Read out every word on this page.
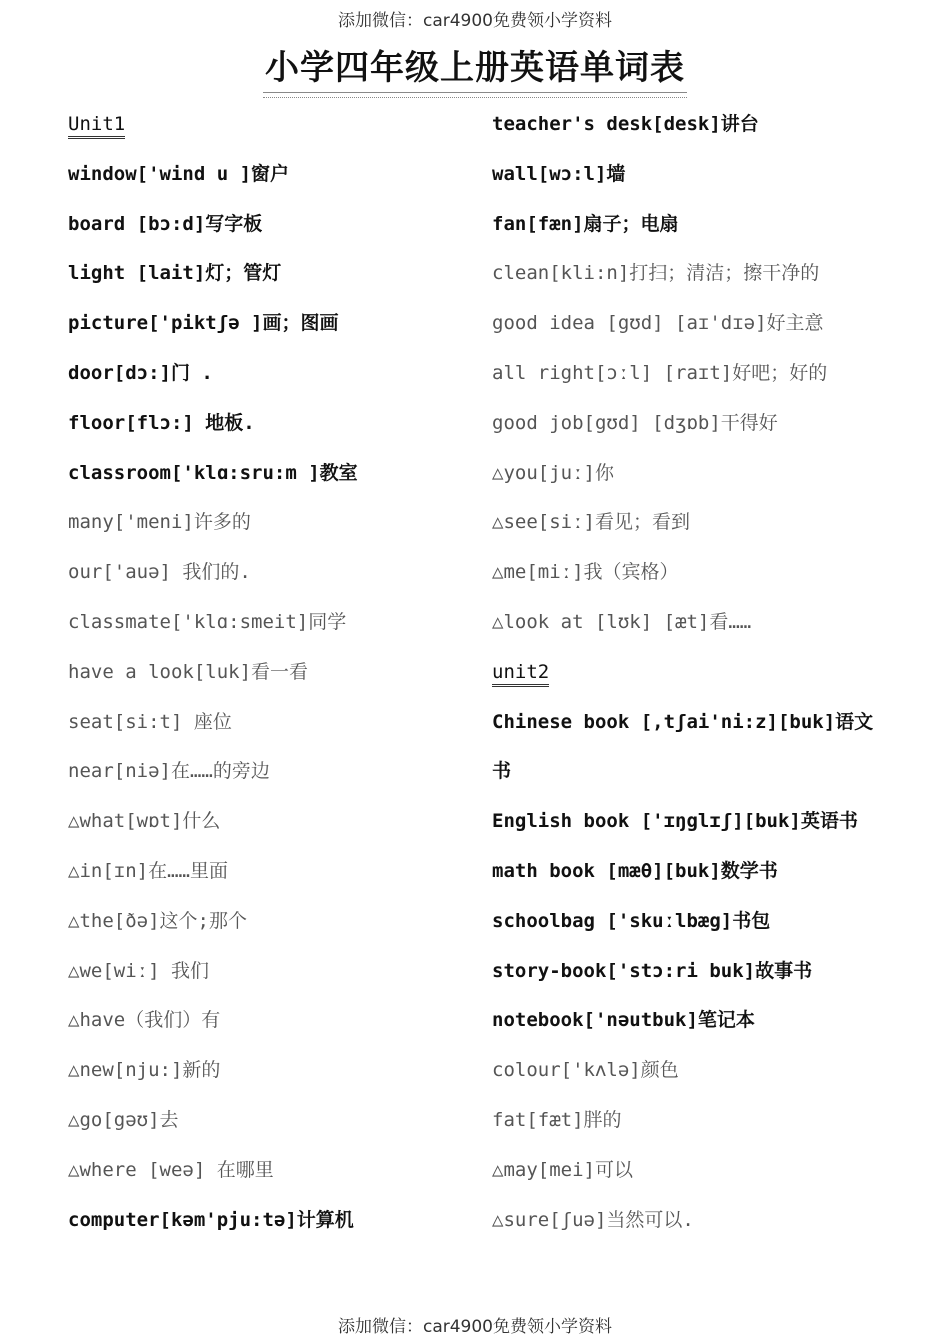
添加微信：car4900免费领小学资料
小学四年级上册英语单词表
Unit1
window['wind u ]窗户
board [bɔ:d]写字板
light [lait]灯；管灯
picture['piktʃə ]画；图画
door[dɔ:]门 .
floor[flɔ:] 地板.
classroom['klɑ:sru:m ]教室
many['meni]许多的
our['auə] 我们的.
classmate['klɑ:smeit]同学
have a look[luk]看一看
seat[si:t] 座位
near[niə]在……的旁边
△what[wɒt]什么
△in[ɪn]在……里面
△the[ðə]这个;那个
△we[wiː] 我们
△have（我们）有
△new[nju:]新的
△go[gəʊ]去
△where [weə] 在哪里
computer[kəm'pju:tə]计算机
teacher's desk[desk]讲台
wall[wɔ:l]墙
fan[fæn]扇子；电扇
clean[kli:n]打扫；清洁；擦干净的
good idea [gʊd] [aɪ'dɪə]好主意
all right[ɔːl] [raɪt]好吧；好的
good job[gʊd] [dʒɒb]干得好
△you[juː]你
△see[siː]看见；看到
△me[miː]我（宾格）
△look at [lʊk] [æt]看……
unit2
Chinese book [,tʃai'ni:z][buk]语文
书
English book ['ɪŋglɪʃ][buk]英语书
math book [mæθ][buk]数学书
schoolbag ['skuːlbæg]书包
story-book['stɔ:ri buk]故事书
notebook['nəutbuk]笔记本
colour['kʌlə]颜色
fat[fæt]胖的
△may[mei]可以
△sure[ʃuə]当然可以.
添加微信：car4900免费领小学资料
